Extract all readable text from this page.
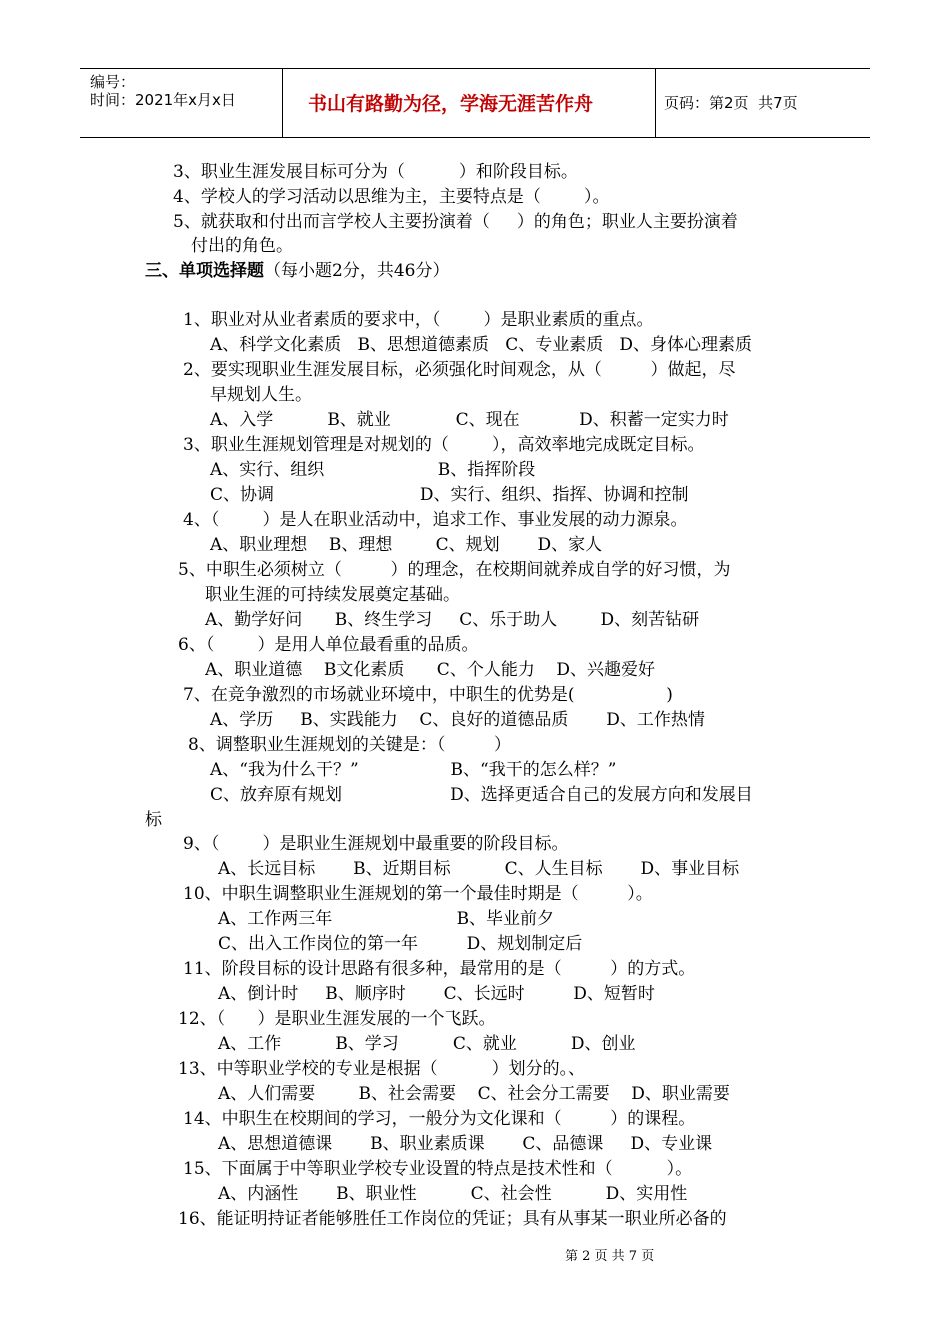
编号：
时间：2021年x月x日	书山有路勤为径，学海无涯苦作舟	页码：第2页  共7页
3、职业生涯发展目标可分为（          ）和阶段目标。
4、学校人的学习活动以思维为主，主要特点是（        ）。
5、就获取和付出而言学校人主要扮演着（     ）的角色；职业人主要扮演着
付出的角色。
三、单项选择题（每小题2分，共46分）
1、职业对从业者素质的要求中，（        ）是职业素质的重点。
A、科学文化素质   B、思想道德素质   C、专业素质   D、身体心理素质
2、要实现职业生涯发展目标，必须强化时间观念，从（         ）做起，尽
早规划人生。
A、入学          B、就业            C、现在           D、积蓄一定实力时
3、职业生涯规划管理是对规划的（        ），高效率地完成既定目标。
A、实行、组织                     B、指挥阶段
C、协调                           D、实行、组织、指挥、协调和控制
4、（        ）是人在职业活动中，追求工作、事业发展的动力源泉。
A、职业理想    B、理想        C、规划       D、家人
5、中职生必须树立（         ）的理念，在校期间就养成自学的好习惯，为
职业生涯的可持续发展奠定基础。
A、勤学好问      B、终生学习     C、乐于助人        D、刻苦钻研
6、（        ）是用人单位最看重的品质。
A、职业道德    B文化素质      C、个人能力    D、兴趣爱好
7、在竞争激烈的市场就业环境中，中职生的优势是(                 )
A、学历     B、实践能力    C、良好的道德品质       D、工作热情
8、调整职业生涯规划的关键是：（         ）
A、“我为什么干？”                 B、“我干的怎么样？”
C、放弃原有规划                    D、选择更适合自己的发展方向和发展目
标
9、（        ）是职业生涯规划中最重要的阶段目标。
A、长远目标       B、近期目标          C、人生目标       D、事业目标
10、中职生调整职业生涯规划的第一个最佳时期是（         ）。
A、工作两三年                       B、毕业前夕
C、出入工作岗位的第一年         D、规划制定后
11、阶段目标的设计思路有很多种，最常用的是（         ）的方式。
A、倒计时     B、顺序时       C、长远时         D、短暂时
12、（      ）是职业生涯发展的一个飞跃。
A、工作          B、学习          C、就业          D、创业
13、中等职业学校的专业是根据（          ）划分的。、
A、人们需要        B、社会需要    C、社会分工需要    D、职业需要
14、中职生在校期间的学习，一般分为文化课和（         ）的课程。
A、思想道德课       B、职业素质课       C、品德课     D、专业课
15、下面属于中等职业学校专业设置的特点是技术性和（          ）。
A、内涵性       B、职业性          C、社会性          D、实用性
16、能证明持证者能够胜任工作岗位的凭证；具有从事某一职业所必备的
第 2 页 共 7 页
